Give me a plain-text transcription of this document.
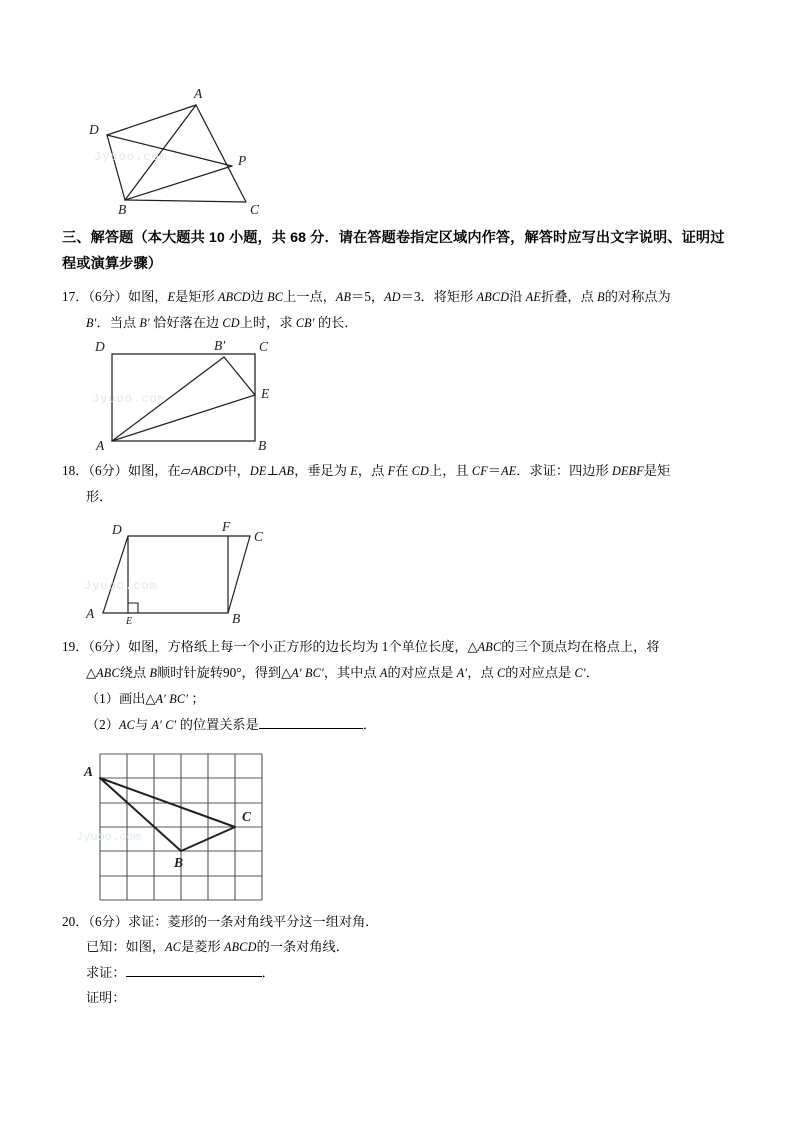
A
D
B
P
C
Jyuoo.com
三、解答题（本大题共 10 小题，共 68 分．请在答题卷指定区域内作答，解答时应写出文字说明、证明过
程或演算步骤）

17．（6分）如图，E是矩形 ABCD边 BC上一点，AB＝5，AD＝3．将矩形 ABCD沿 AE折叠，点 B的对称点为

B′．当点 B′ 恰好落在边 CD上时，求 CB′ 的长．

D	B′	C
E
A	B
Jyuoo.com

18．（6分）如图，在▱ABCD中，DE⊥AB，垂足为 E，点 F在 CD上，且 CF＝AE．求证：四边形 DEBF是矩

形．

D	F
C
A
E	B
Jyuoo.com

19．（6分）如图，方格纸上每一个小正方形的边长均为 1个单位长度，△ABC的三个顶点均在格点上，将

△ABC绕点 B顺时针旋转90°，得到△A′ BC′，其中点 A的对应点是 A′，点 C的对应点是 C′．

（1）画出△A′ BC′ ；

（2）AC与 A′ C′ 的位置关系是	．

A
B
C
Jyuoo.com

20．（6分）求证：菱形的一条对角线平分这一组对角．

已知：如图，AC是菱形 ABCD的一条对角线．

求证：	．

证明：
